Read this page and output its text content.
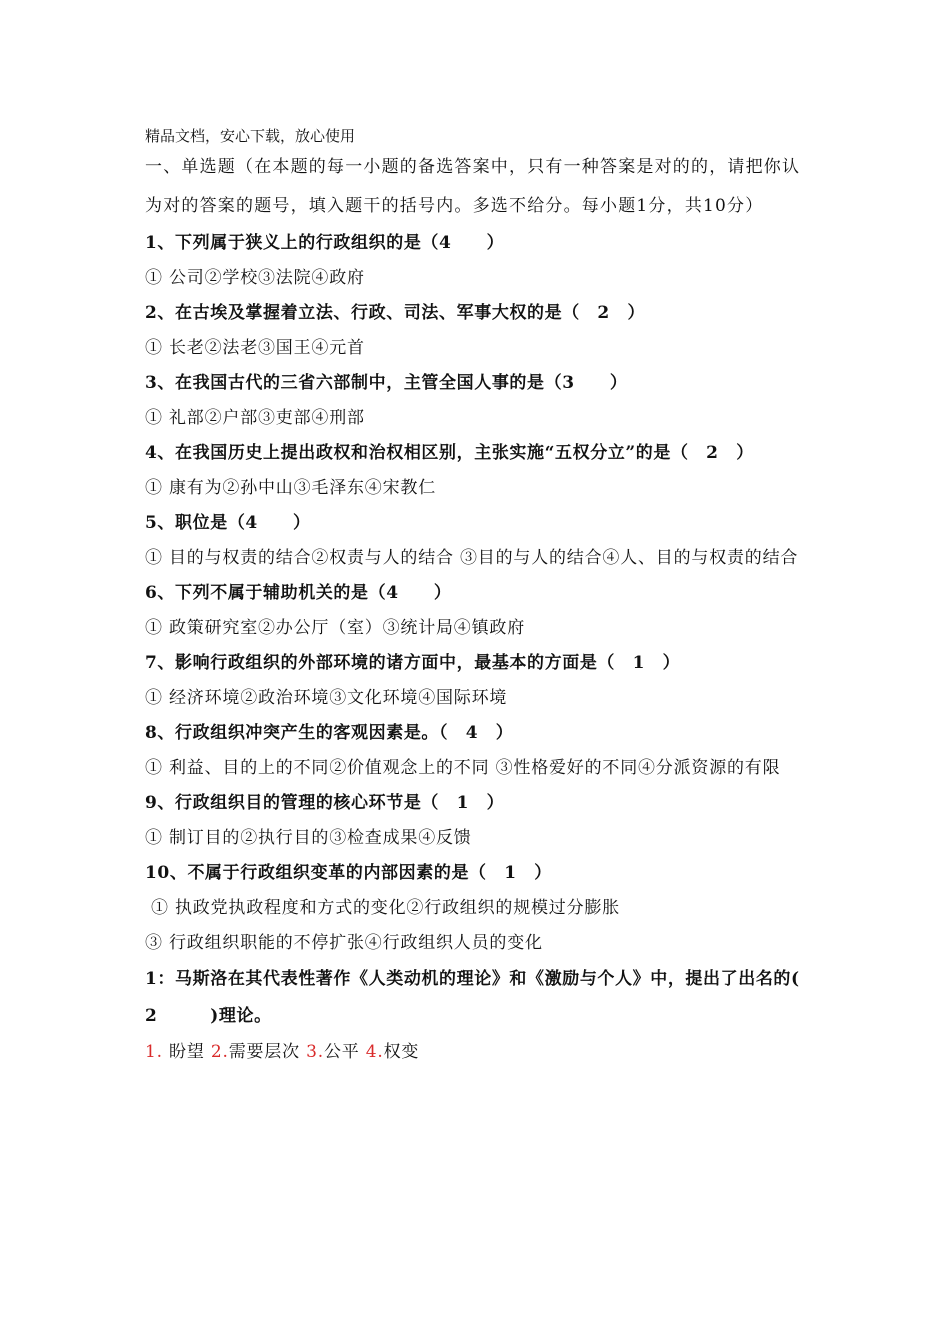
精品文档，安心下载，放心使用

一、单选题（在本题的每一小题的备选答案中，只有一种答案是对的的，请把你认为对的答案的题号，填入题干的括号内。多选不给分。每小题1分，共10分）

1、下列属于狭义上的行政组织的是（4　　）

① 公司②学校③法院④政府

2、在古埃及掌握着立法、行政、司法、军事大权的是（　2　）

① 长老②法老③国王④元首

3、在我国古代的三省六部制中，主管全国人事的是（3　　）

① 礼部②户部③吏部④刑部

4、在我国历史上提出政权和治权相区别，主张实施“五权分立”的是（　2　）

① 康有为②孙中山③毛泽东④宋教仁

5、职位是（4　　）

① 目的与权责的结合②权责与人的结合 ③目的与人的结合④人、目的与权责的结合

6、下列不属于辅助机关的是（4　　）

① 政策研究室②办公厅（室）③统计局④镇政府

7、影响行政组织的外部环境的诸方面中，最基本的方面是（　1　）

① 经济环境②政治环境③文化环境④国际环境

8、行政组织冲突产生的客观因素是。（　4　）

① 利益、目的上的不同②价值观念上的不同 ③性格爱好的不同④分派资源的有限

9、行政组织目的管理的核心环节是（　1　）

① 制订目的②执行目的③检查成果④反馈

10、不属于行政组织变革的内部因素的是（　1　）

① 执政党执政程度和方式的变化②行政组织的规模过分膨胀

③ 行政组织职能的不停扩张④行政组织人员的变化

1：马斯洛在其代表性著作《人类动机的理论》和《激励与个人》中，提出了出名的(　　2　　　)理论。

1. 盼望 2.需要层次 3.公平 4.权变
